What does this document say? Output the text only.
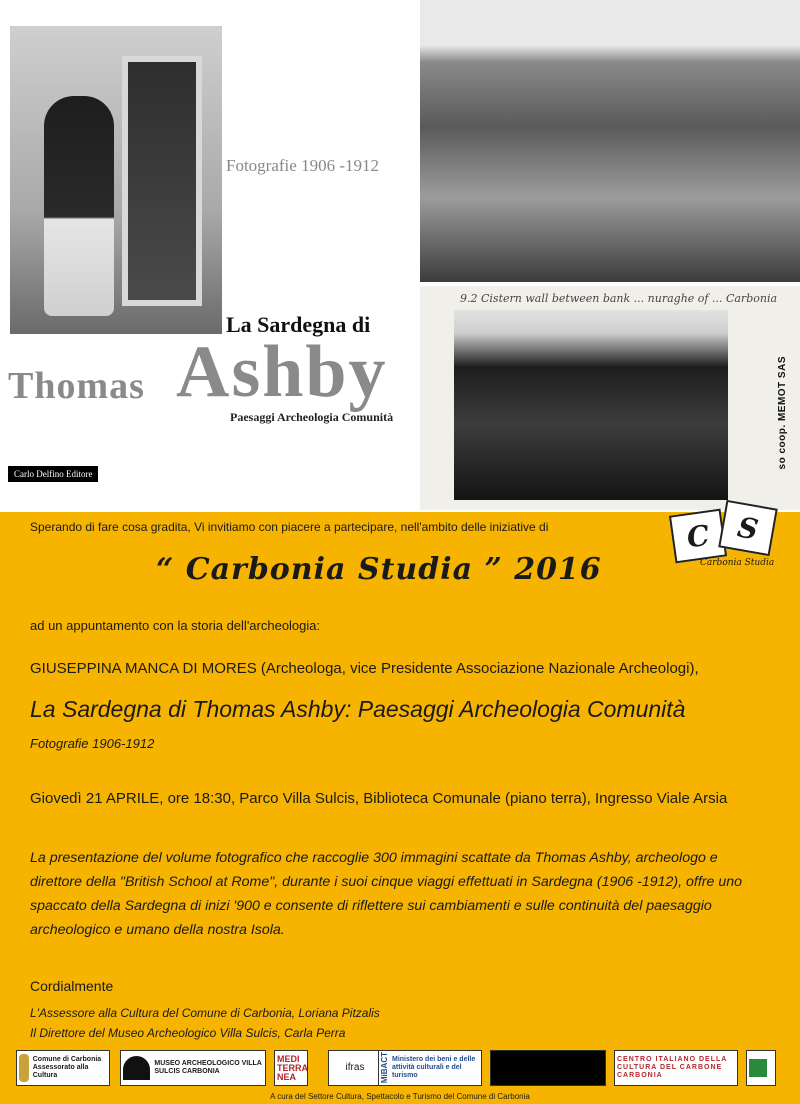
9.2 Cistern wall between bank ... nuraghe of ... Carbonia
so coop. MEMOT SAS
Fotografie 1906 -1912
La Sardegna di
Thomas Ashby
Paesaggi Archeologia Comunità
Carlo Delfino Editore
C S
Carbonia Studia
Sperando di fare cosa gradita, Vi invitiamo con piacere a partecipare, nell'ambito delle iniziative di
“ Carbonia Studia ” 2016
ad un appuntamento con la storia dell'archeologia:
GIUSEPPINA MANCA DI MORES (Archeologa, vice Presidente Associazione Nazionale Archeologi),
La Sardegna di Thomas Ashby: Paesaggi Archeologia Comunità
Fotografie 1906-1912
Giovedì 21 APRILE, ore 18:30, Parco Villa Sulcis, Biblioteca Comunale (piano terra), Ingresso Viale Arsia
La presentazione del volume fotografico che raccoglie 300 immagini scattate da Thomas Ashby, archeologo e direttore della "British School at Rome", durante i suoi cinque viaggi effettuati in Sardegna (1906 -1912), offre uno spaccato della Sardegna di inizi '900 e consente di riflettere sui cambiamenti e sulle continuità del paesaggio archeologico e umano della nostra Isola.
Cordialmente
L'Assessore alla Cultura del Comune di Carbonia, Loriana Pitzalis
Il Direttore del Museo Archeologico Villa Sulcis, Carla Perra
Comune di Carbonia Assessorato alla Cultura
MUSEO ARCHEOLOGICO VILLA SULCIS CARBONIA
MEDI TERRA NEA
ifras	MiBACT Ministero dei beni e delle attività culturali e del turismo
CENTRO ITALIANO DELLA CULTURA DEL CARBONE CARBONIA
A cura del Settore Cultura, Spettacolo e Turismo del Comune di Carbonia
